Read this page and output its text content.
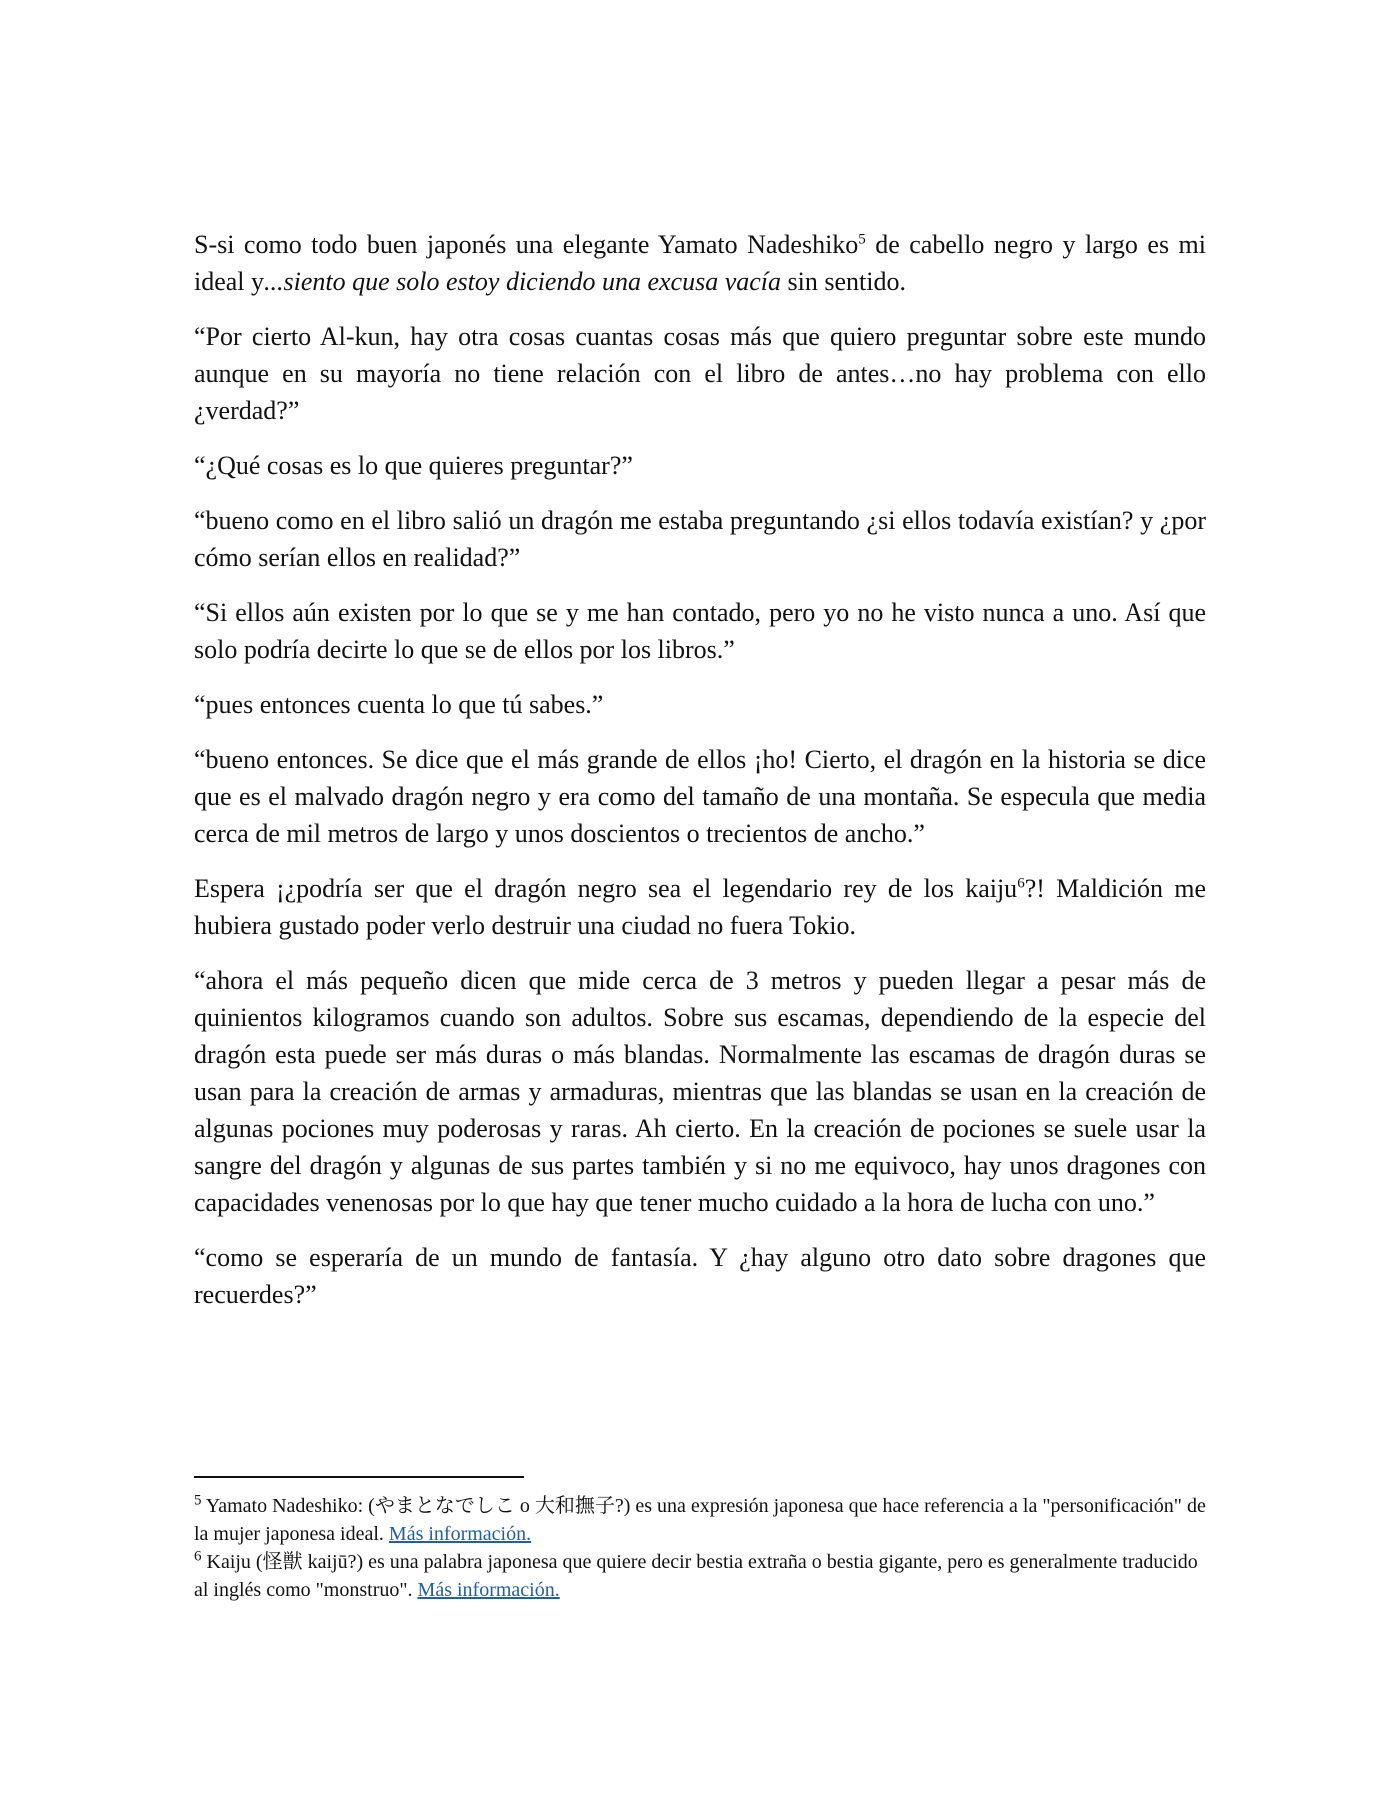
S-si como todo buen japonés una elegante Yamato Nadeshiko$^5$ de cabello negro y largo es mi ideal y...siento que solo estoy diciendo una excusa vacía sin sentido.

“Por cierto Al-kun, hay otra cosas cuantas cosas más que quiero preguntar sobre este mundo aunque en su mayoría no tiene relación con el libro de antes…no hay problema con ello ¿verdad?”

“¿Qué cosas es lo que quieres preguntar?”

“bueno como en el libro salió un dragón me estaba preguntando ¿si ellos todavía existían? y ¿por cómo serían ellos en realidad?”

“Si ellos aún existen por lo que se y me han contado, pero yo no he visto nunca a uno. Así que solo podría decirte lo que se de ellos por los libros.”

“pues entonces cuenta lo que tú sabes.”

“bueno entonces. Se dice que el más grande de ellos ¡ho! Cierto, el dragón en la historia se dice que es el malvado dragón negro y era como del tamaño de una montaña. Se especula que media cerca de mil metros de largo y unos doscientos o trecientos de ancho.”

Espera ¡¿podría ser que el dragón negro sea el legendario rey de los kaiju$^6$?! Maldición me hubiera gustado poder verlo destruir una ciudad no fuera Tokio.

“ahora el más pequeño dicen que mide cerca de 3 metros y pueden llegar a pesar más de quinientos kilogramos cuando son adultos. Sobre sus escamas, dependiendo de la especie del dragón esta puede ser más duras o más blandas. Normalmente las escamas de dragón duras se usan para la creación de armas y armaduras, mientras que las blandas se usan en la creación de algunas pociones muy poderosas y raras. Ah cierto. En la creación de pociones se suele usar la sangre del dragón y algunas de sus partes también y si no me equivoco, hay unos dragones con capacidades venenosas por lo que hay que tener mucho cuidado a la hora de lucha con uno.”

“como se esperaría de un mundo de fantasía. Y ¿hay alguno otro dato sobre dragones que recuerdes?”

$^5$ Yamato Nadeshiko: (やまとなでしこ o 大和撫子?) es una expresión japonesa que hace referencia a la "personificación" de la mujer japonesa ideal. Más información.

$^6$ Kaiju (怪獣 kaijū?) es una palabra japonesa que quiere decir bestia extraña o bestia gigante, pero es generalmente traducido al inglés como "monstruo". Más información.
